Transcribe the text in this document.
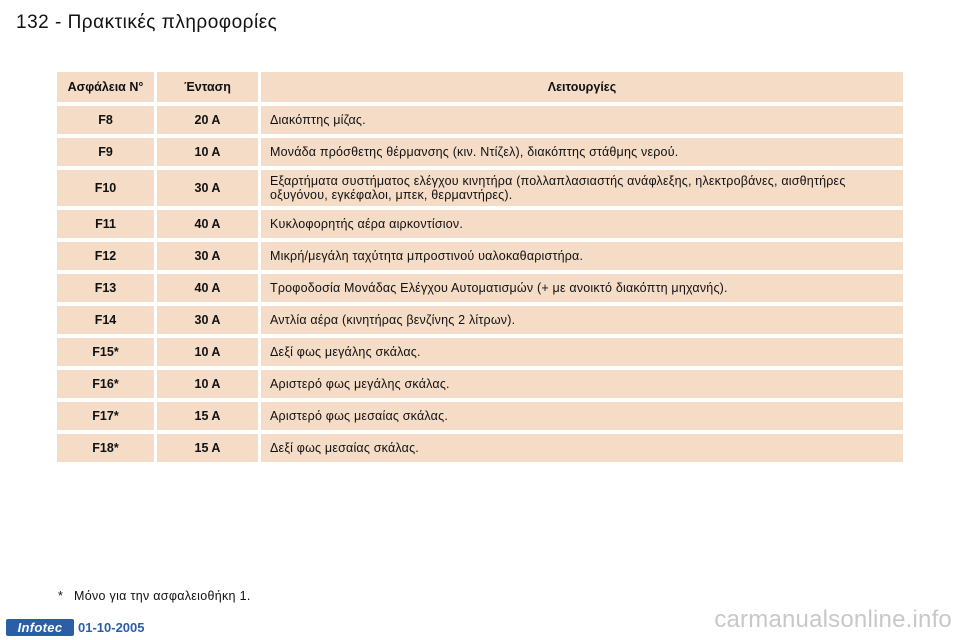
132 - Πρακτικές πληροφορίες
Ασφάλεια N°	Ένταση	Λειτουργίες
F8	20 A	Διακόπτης μίζας.
F9	10 A	Μονάδα πρόσθετης θέρμανσης (κιν. Ντίζελ), διακόπτης στάθμης νερού.
F10	30 A	Εξαρτήματα συστήματος ελέγχου κινητήρα (πολλαπλασιαστής ανάφλεξης, ηλεκτροβάνες, αισθητήρες οξυγόνου, εγκέφαλοι, μπεκ, θερμαντήρες).
F11	40 A	Κυκλοφορητής αέρα αιρκοντίσιον.
F12	30 A	Μικρή/μεγάλη ταχύτητα μπροστινού υαλοκαθαριστήρα.
F13	40 A	Τροφοδοσία Μονάδας Ελέγχου Αυτοματισμών (+ με ανοικτό διακόπτη μηχανής).
F14	30 A	Αντλία αέρα (κινητήρας βενζίνης 2 λίτρων).
F15*	10 A	Δεξί φως μεγάλης σκάλας.
F16*	10 A	Αριστερό φως μεγάλης σκάλας.
F17*	15 A	Αριστερό φως μεσαίας σκάλας.
F18*	15 A	Δεξί φως μεσαίας σκάλας.
* Μόνο για την ασφαλειοθήκη 1.
Infotec	01-10-2005	carmanualsonline.info
